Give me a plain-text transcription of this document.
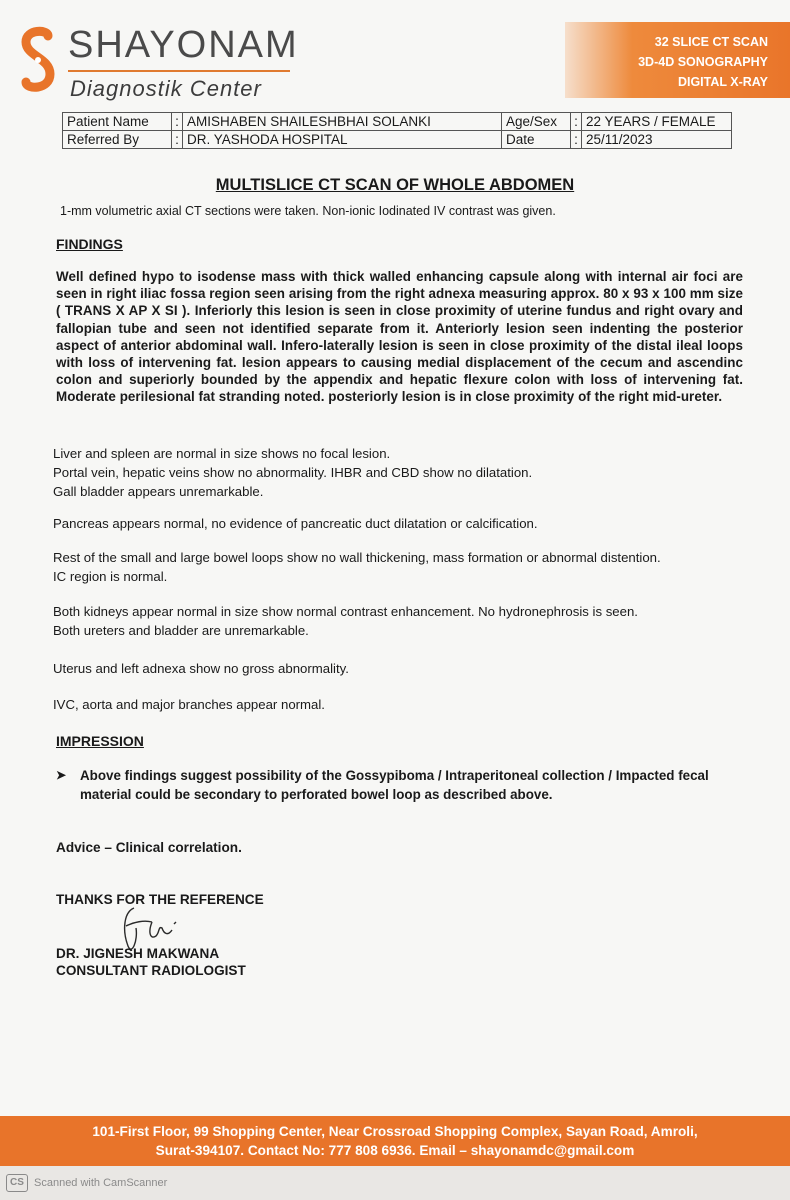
SHAYONAM
Diagnostik Center
32 SLICE CT SCAN
3D-4D SONOGRAPHY
DIGITAL X-RAY
Patient Name	:	AMISHABEN SHAILESHBHAI SOLANKI	Age/Sex	:	22 YEARS / FEMALE
Referred By	:	DR. YASHODA HOSPITAL	Date	:	25/11/2023
MULTISLICE CT SCAN OF WHOLE ABDOMEN
1-mm volumetric axial CT sections were taken. Non-ionic Iodinated IV contrast was given.
FINDINGS
Well defined hypo to isodense mass with thick walled enhancing capsule along with internal air foci are seen in right iliac fossa region seen arising from the right adnexa measuring approx. 80 x 93 x 100 mm size ( TRANS X AP X SI ). Inferiorly this lesion is seen in close proximity of uterine fundus and right ovary and fallopian tube and seen not identified separate from it. Anteriorly lesion seen indenting the posterior aspect of anterior abdominal wall. Infero-laterally lesion is seen in close proximity of the distal ileal loops with loss of intervening fat. lesion appears to causing medial displacement of the cecum and ascendinc colon and superiorly bounded by the appendix and hepatic flexure colon with loss of intervening fat. Moderate perilesional fat stranding noted. posteriorly lesion is in close proximity of the right mid-ureter.
Liver and spleen are normal in size shows no focal lesion.
Portal vein, hepatic veins show no abnormality. IHBR and CBD show no dilatation.
Gall bladder appears unremarkable.
Pancreas appears normal, no evidence of pancreatic duct dilatation or calcification.
Rest of the small and large bowel loops show no wall thickening, mass formation or abnormal distention.
IC region is normal.
Both kidneys appear normal in size show normal contrast enhancement. No hydronephrosis is seen.
Both ureters and bladder are unremarkable.
Uterus and left adnexa show no gross abnormality.
IVC, aorta and major branches appear normal.
IMPRESSION
➤ Above findings suggest possibility of the Gossypiboma / Intraperitoneal collection / Impacted fecal material could be secondary to perforated bowel loop as described above.
Advice – Clinical correlation.
THANKS FOR THE REFERENCE
DR. JIGNESH MAKWANA
CONSULTANT RADIOLOGIST
101-First Floor, 99 Shopping Center, Near Crossroad Shopping Complex, Sayan Road, Amroli,
Surat-394107. Contact No: 777 808 6936. Email – shayonamdc@gmail.com
CS Scanned with CamScanner
